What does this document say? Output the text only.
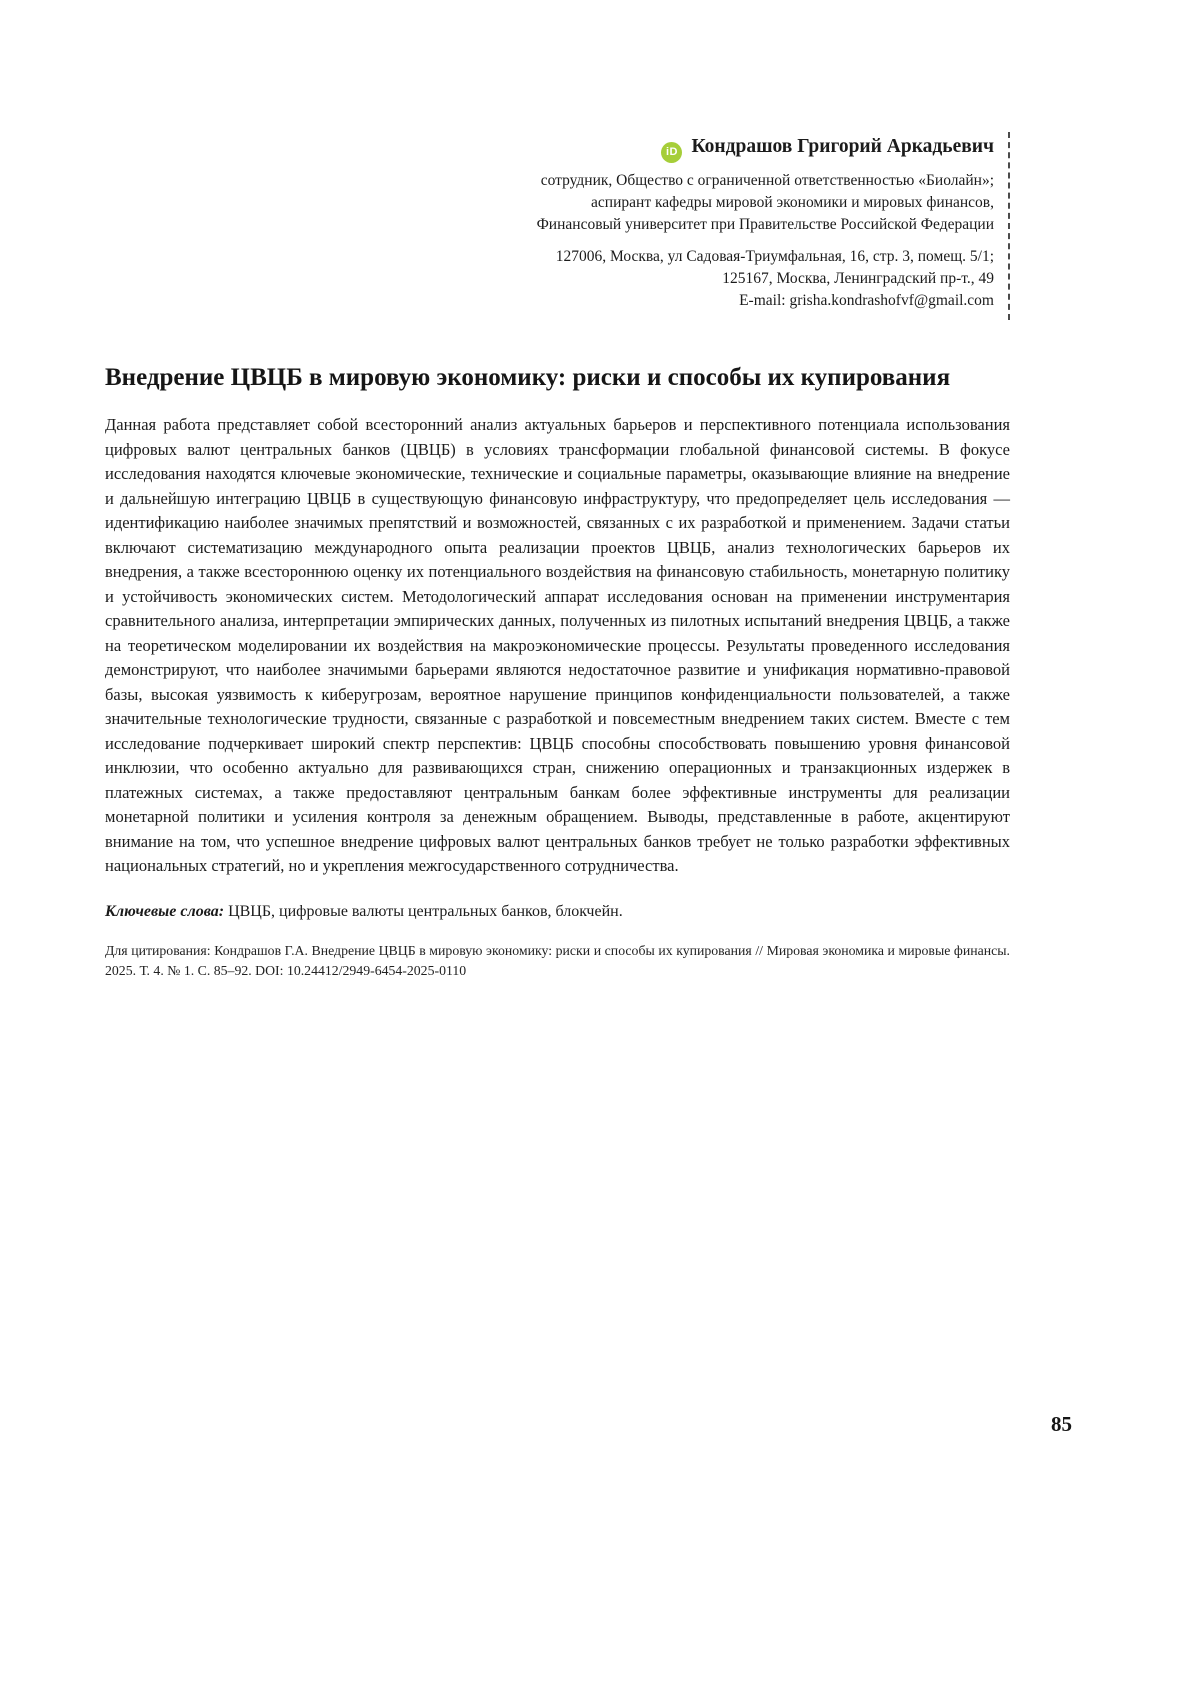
iD Кондрашов Григорий Аркадьевич
сотрудник, Общество с ограниченной ответственностью «Биолайн»;
аспирант кафедры мировой экономики и мировых финансов,
Финансовый университет при Правительстве Российской Федерации
127006, Москва, ул Садовая-Триумфальная, 16, стр. 3, помещ. 5/1;
125167, Москва, Ленинградский пр-т., 49
E-mail: grisha.kondrashofvf@gmail.com
Внедрение ЦВЦБ в мировую экономику: риски и способы их купирования

Данная работа представляет собой всесторонний анализ актуальных барьеров и перспективного потенциала использования цифровых валют центральных банков (ЦВЦБ) в условиях трансформации глобальной финансовой системы. В фокусе исследования находятся ключевые экономические, технические и социальные параметры, оказывающие влияние на внедрение и дальнейшую интеграцию ЦВЦБ в существующую финансовую инфраструктуру, что предопределяет цель исследования — идентификацию наиболее значимых препятствий и возможностей, связанных с их разработкой и применением. Задачи статьи включают систематизацию международного опыта реализации проектов ЦВЦБ, анализ технологических барьеров их внедрения, а также всестороннюю оценку их потенциального воздействия на финансовую стабильность, монетарную политику и устойчивость экономических систем. Методологический аппарат исследования основан на применении инструментария сравнительного анализа, интерпретации эмпирических данных, полученных из пилотных испытаний внедрения ЦВЦБ, а также на теоретическом моделировании их воздействия на макроэкономические процессы. Результаты проведенного исследования демонстрируют, что наиболее значимыми барьерами являются недостаточное развитие и унификация нормативно-правовой базы, высокая уязвимость к киберугрозам, вероятное нарушение принципов конфиденциальности пользователей, а также значительные технологические трудности, связанные с разработкой и повсеместным внедрением таких систем. Вместе с тем исследование подчеркивает широкий спектр перспектив: ЦВЦБ способны способствовать повышению уровня финансовой инклюзии, что особенно актуально для развивающихся стран, снижению операционных и транзакционных издержек в платежных системах, а также предоставляют центральным банкам более эффективные инструменты для реализации монетарной политики и усиления контроля за денежным обращением. Выводы, представленные в работе, акцентируют внимание на том, что успешное внедрение цифровых валют центральных банков требует не только разработки эффективных национальных стратегий, но и укрепления межгосударственного сотрудничества.

Ключевые слова: ЦВЦБ, цифровые валюты центральных банков, блокчейн.

Для цитирования: Кондрашов Г.А. Внедрение ЦВЦБ в мировую экономику: риски и способы их купирования // Мировая экономика и мировые финансы. 2025. Т. 4. № 1. С. 85–92. DOI: 10.24412/2949-6454-2025-0110

85
